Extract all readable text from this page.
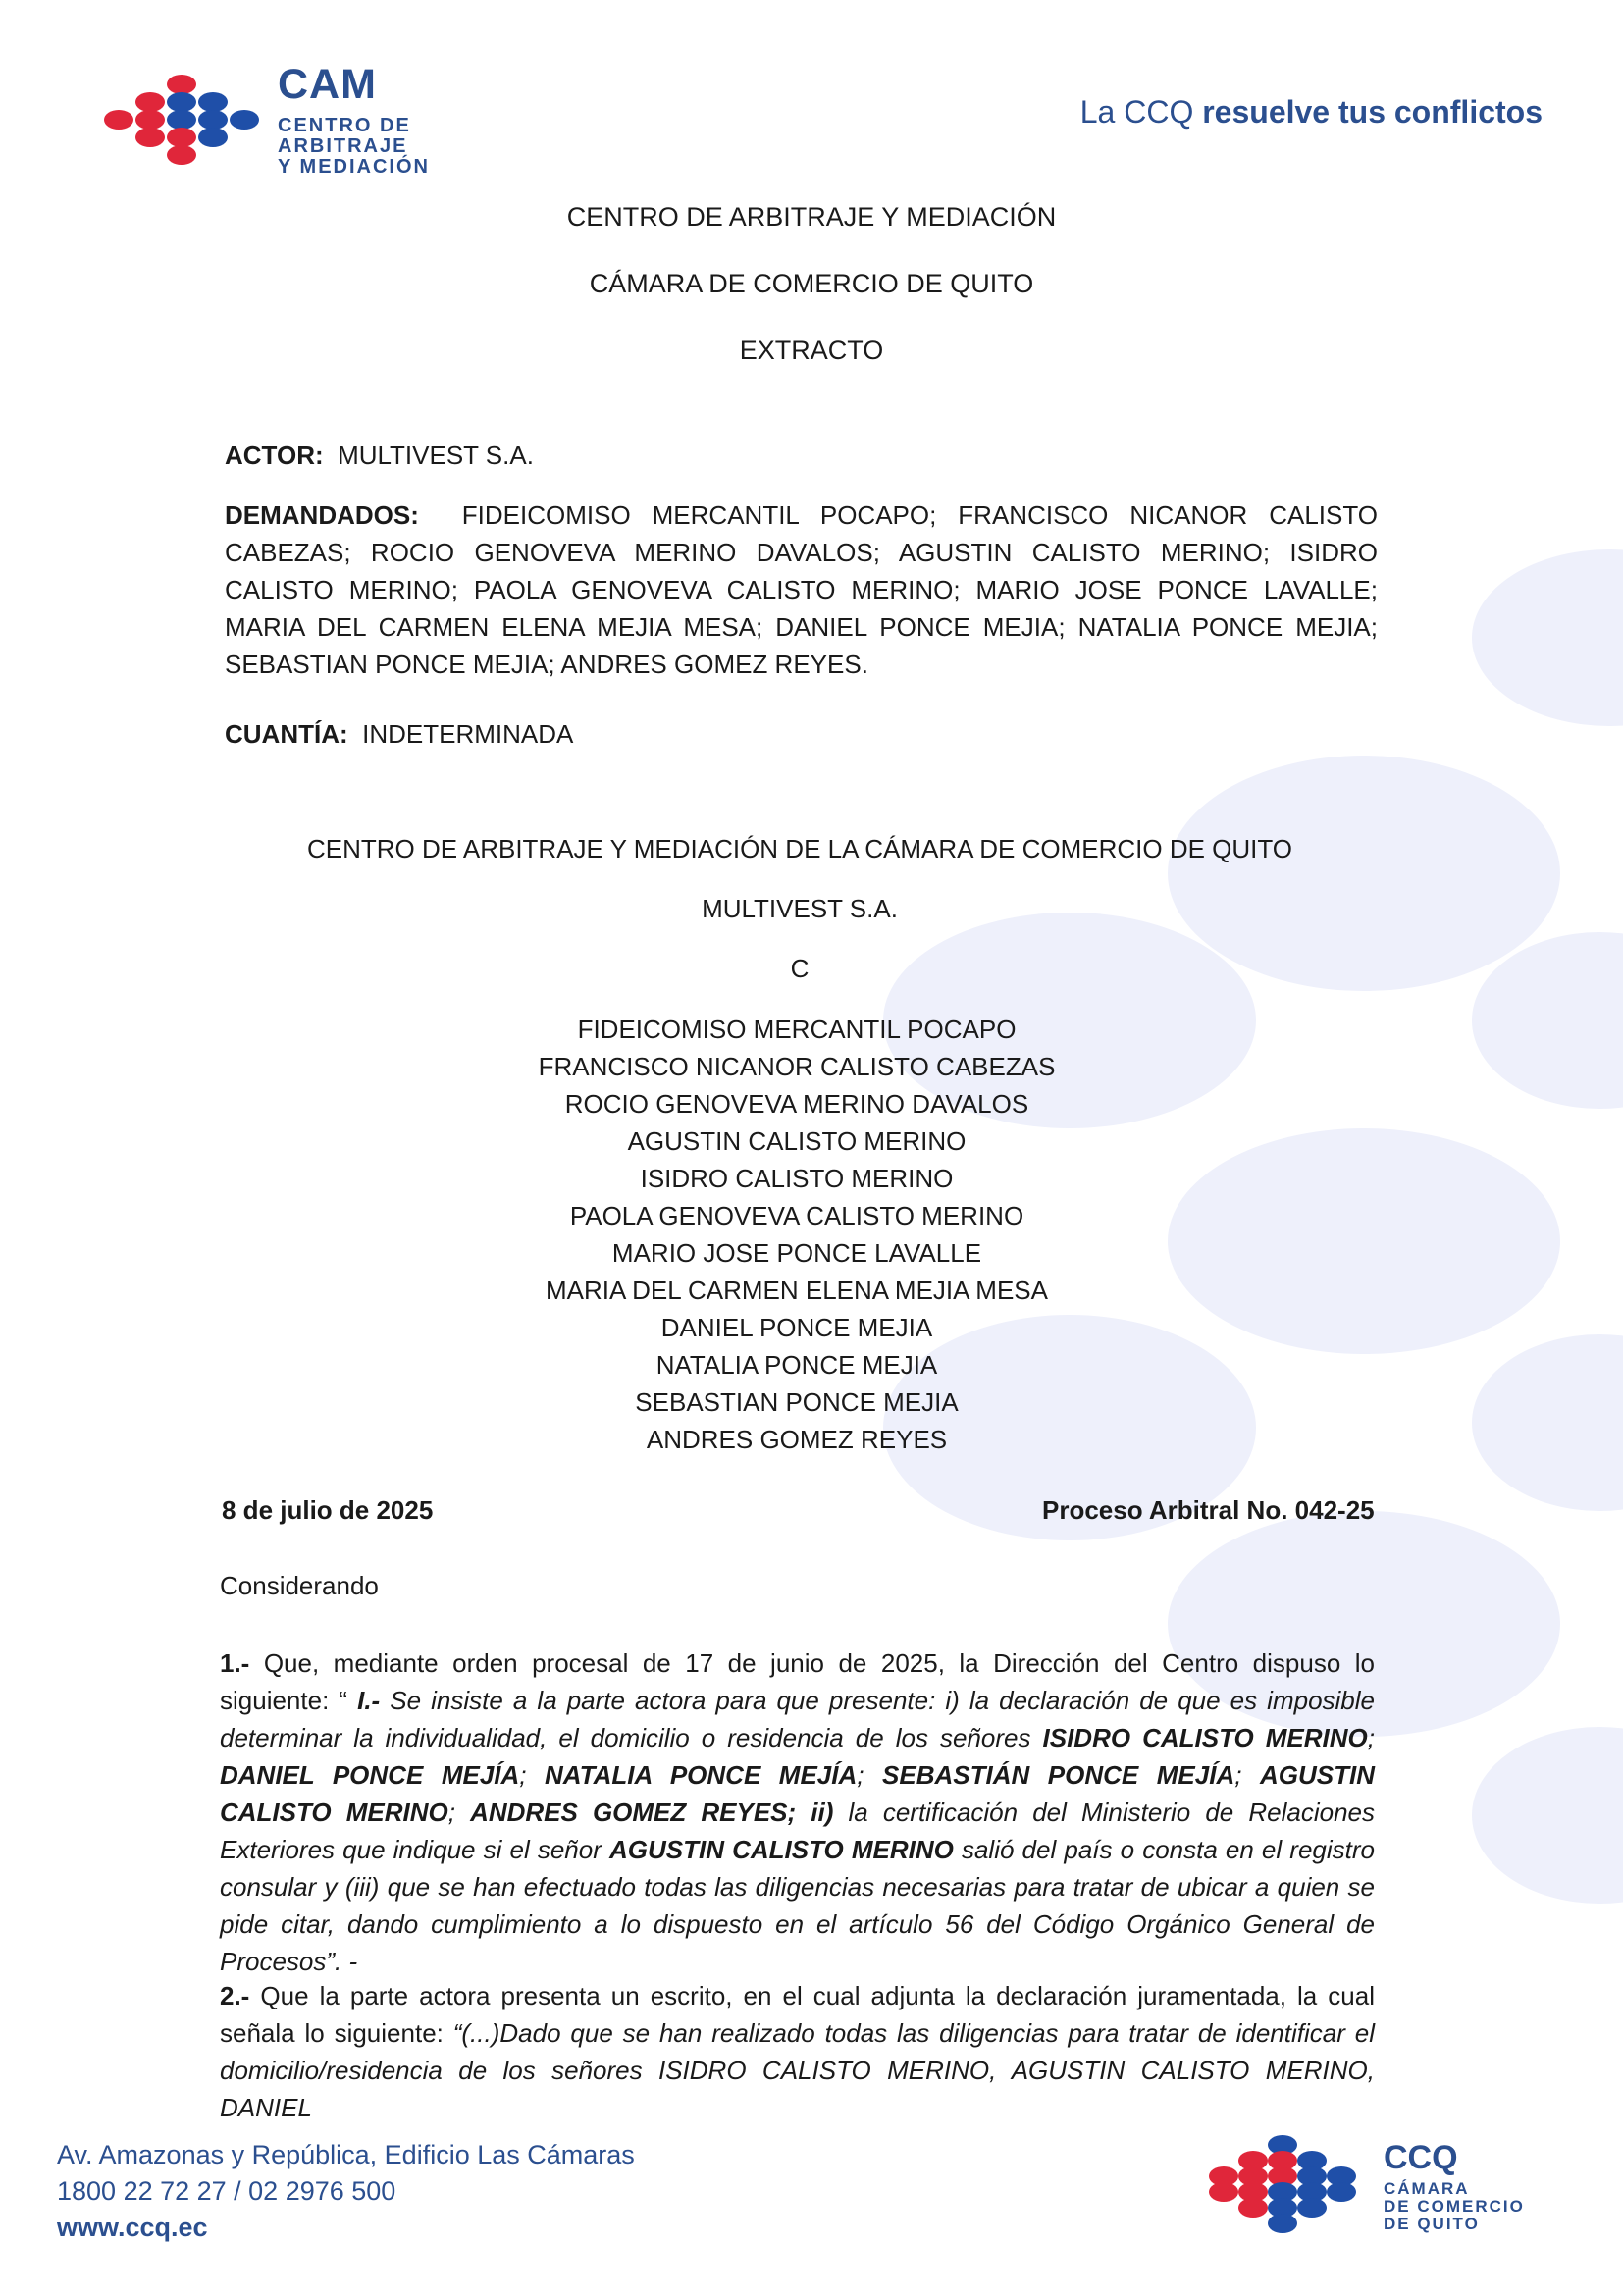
CAM
CENTRO DE
ARBITRAJE
Y MEDIACIÓN
La CCQ resuelve tus conflictos
CENTRO DE ARBITRAJE Y MEDIACIÓN
CÁMARA DE COMERCIO DE QUITO
EXTRACTO
ACTOR: MULTIVEST S.A.
DEMANDADOS: FIDEICOMISO MERCANTIL POCAPO; FRANCISCO NICANOR CALISTO CABEZAS; ROCIO GENOVEVA MERINO DAVALOS; AGUSTIN CALISTO MERINO; ISIDRO CALISTO MERINO; PAOLA GENOVEVA CALISTO MERINO; MARIO JOSE PONCE LAVALLE; MARIA DEL CARMEN ELENA MEJIA MESA; DANIEL PONCE MEJIA; NATALIA PONCE MEJIA; SEBASTIAN PONCE MEJIA; ANDRES GOMEZ REYES.
CUANTÍA: INDETERMINADA
CENTRO DE ARBITRAJE Y MEDIACIÓN DE LA CÁMARA DE COMERCIO DE QUITO
MULTIVEST S.A.
C
FIDEICOMISO MERCANTIL POCAPO
FRANCISCO NICANOR CALISTO CABEZAS
ROCIO GENOVEVA MERINO DAVALOS
AGUSTIN CALISTO MERINO
ISIDRO CALISTO MERINO
PAOLA GENOVEVA CALISTO MERINO
MARIO JOSE PONCE LAVALLE
MARIA DEL CARMEN ELENA MEJIA MESA
DANIEL PONCE MEJIA
NATALIA PONCE MEJIA
SEBASTIAN PONCE MEJIA
ANDRES GOMEZ REYES
8 de julio de 2025	Proceso Arbitral No. 042-25
Considerando
1.- Que, mediante orden procesal de 17 de junio de 2025, la Dirección del Centro dispuso lo siguiente: “ I.- Se insiste a la parte actora para que presente: i) la declaración de que es imposible determinar la individualidad, el domicilio o residencia de los señores ISIDRO CALISTO MERINO; DANIEL PONCE MEJÍA; NATALIA PONCE MEJÍA; SEBASTIÁN PONCE MEJÍA; AGUSTIN CALISTO MERINO; ANDRES GOMEZ REYES; ii) la certificación del Ministerio de Relaciones Exteriores que indique si el señor AGUSTIN CALISTO MERINO salió del país o consta en el registro consular y (iii) que se han efectuado todas las diligencias necesarias para tratar de ubicar a quien se pide citar, dando cumplimiento a lo dispuesto en el artículo 56 del Código Orgánico General de Procesos”. -
2.- Que la parte actora presenta un escrito, en el cual adjunta la declaración juramentada, la cual señala lo siguiente: “(...)Dado que se han realizado todas las diligencias para tratar de identificar el domicilio/residencia de los señores ISIDRO CALISTO MERINO, AGUSTIN CALISTO MERINO, DANIEL
Av. Amazonas y República, Edificio Las Cámaras
1800 22 72 27 / 02 2976 500
www.ccq.ec
CCQ
CÁMARA
DE COMERCIO
DE QUITO
